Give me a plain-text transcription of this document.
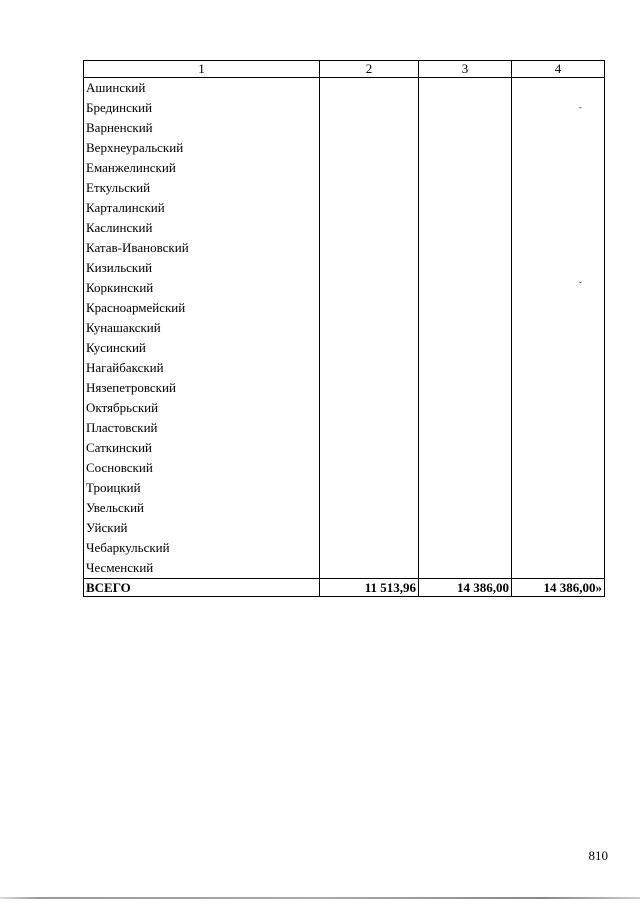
1	2	3	4
Ашинский			
Брединский			
Варненский			
Верхнеуральский			
Еманжелинский			
Еткульский			
Карталинский			
Каслинский			
Катав-Ивановский			
Кизильский			
Коркинский			
Красноармейский			
Кунашакский			
Кусинский			
Нагайбакский			
Нязепетровский			
Октябрьский			
Пластовский			
Саткинский			
Сосновский			
Троицкий			
Увельский			
Уйский			
Чебаркульский			
Чесменский			
ВСЕГО	11 513,96	14 386,00	14 386,00»
-
ˇ
810
